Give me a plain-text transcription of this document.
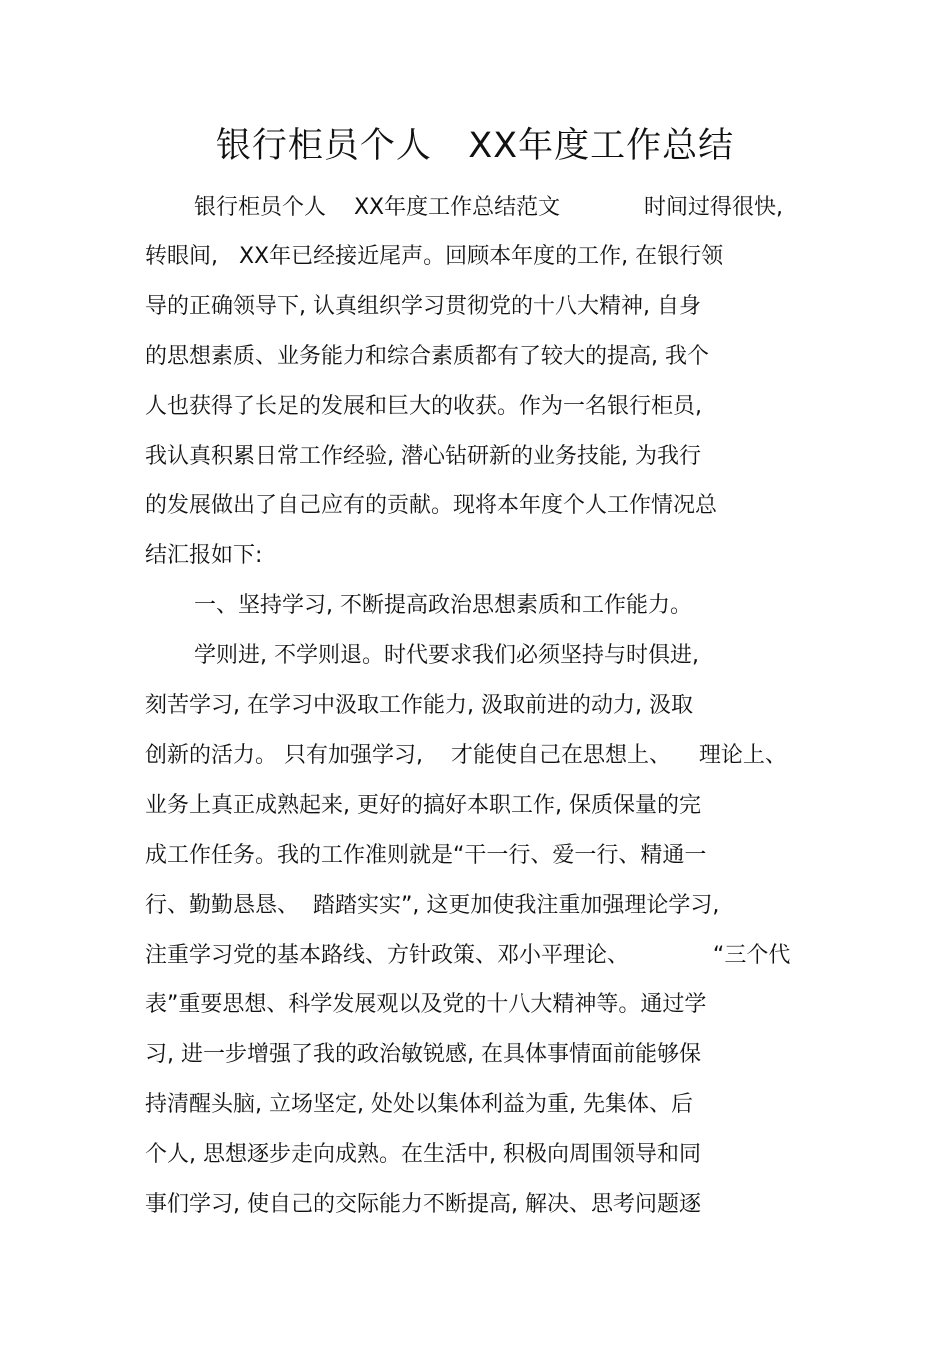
银行柜员个人   XX年度工作总结
银行柜员个人    XX年度工作总结范文            时间过得很快,
转眼间,   XX年已经接近尾声。回顾本年度的工作, 在银行领
导的正确领导下, 认真组织学习贯彻党的十八大精神, 自身
的思想素质、业务能力和综合素质都有了较大的提高, 我个
人也获得了长足的发展和巨大的收获。作为一名银行柜员,
我认真积累日常工作经验, 潜心钻研新的业务技能, 为我行
的发展做出了自己应有的贡献。现将本年度个人工作情况总
结汇报如下:
一、坚持学习, 不断提高政治思想素质和工作能力。
学则进, 不学则退。时代要求我们必须坚持与时俱进,
刻苦学习, 在学习中汲取工作能力, 汲取前进的动力, 汲取
创新的活力。 只有加强学习,    才能使自己在思想上、    理论上、
业务上真正成熟起来, 更好的搞好本职工作, 保质保量的完
成工作任务。我的工作准则就是“干一行、爱一行、精通一
行、勤勤恳恳、  踏踏实实”, 这更加使我注重加强理论学习,
注重学习党的基本路线、方针政策、邓小平理论、            “三个代
表”重要思想、科学发展观以及党的十八大精神等。通过学
习, 进一步增强了我的政治敏锐感, 在具体事情面前能够保
持清醒头脑, 立场坚定, 处处以集体利益为重, 先集体、后
个人, 思想逐步走向成熟。在生活中, 积极向周围领导和同
事们学习, 使自己的交际能力不断提高, 解决、思考问题逐
